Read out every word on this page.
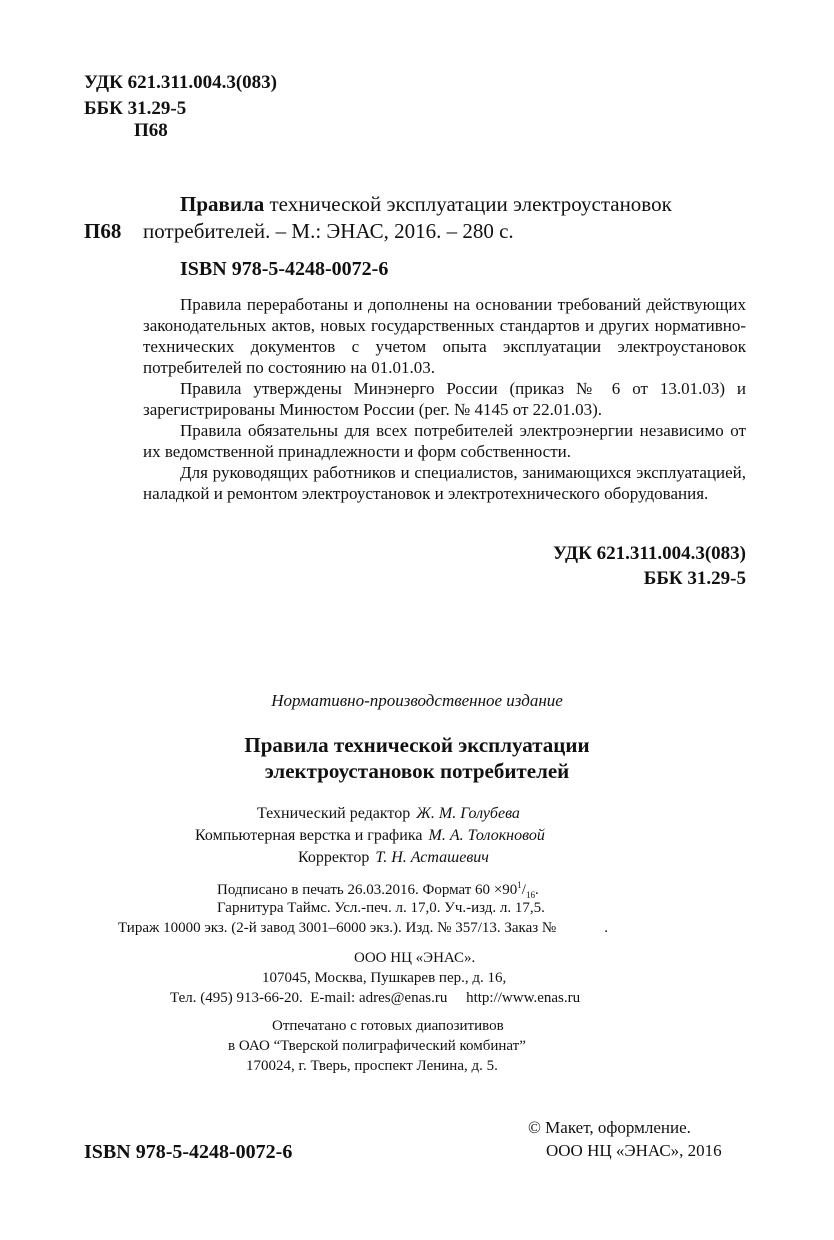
УДК 621.311.004.3(083)
ББК 31.29-5
П68
Правила технической эксплуатации электроустановок
П68 потребителей. – М.: ЭНАС, 2016. – 280 с.
ISBN 978-5-4248-0072-6

Правила переработаны и дополнены на основании требований действующих законодательных актов, новых государственных стандартов и других нормативно-технических документов с учетом опыта эксплуатации электроустановок потребителей по состоянию на 01.01.03.

Правила утверждены Минэнерго России (приказ № 6 от 13.01.03) и зарегистрированы Минюстом России (рег. № 4145 от 22.01.03).

Правила обязательны для всех потребителей электроэнергии независимо от их ведомственной принадлежности и форм собственности.

Для руководящих работников и специалистов, занимающихся эксплуатацией, наладкой и ремонтом электроустановок и электротехнического оборудования.

УДК 621.311.004.3(083)
ББК 31.29-5
Нормативно-производственное издание
Правила технической эксплуатации
электроустановок потребителей
Технический редактор Ж. М. Голубева
Компьютерная верстка и графика М. А. Толокновой
Корректор Т. Н. Асташевич
Подписано в печать 26.03.2016. Формат $60 \times 90^1/_{16}$.
Гарнитура Таймс. Усл.-печ. л. 17,0. Уч.-изд. л. 17,5.
Тираж 10000 экз. (2-й завод 3001–6000 экз.). Изд. № 357/13. Заказ №	.
ООО НЦ «ЭНАС».
107045, Москва, Пушкарев пер., д. 16,
Тел. (495) 913-66-20. E-mail: adres@enas.ru http://www.enas.ru
Отпечатано с готовых диапозитивов
в ОАО “Тверской полиграфический комбинат”
170024, г. Тверь, проспект Ленина, д. 5.
ISBN 978-5-4248-0072-6
© Макет, оформление.
ООО НЦ «ЭНАС», 2016
